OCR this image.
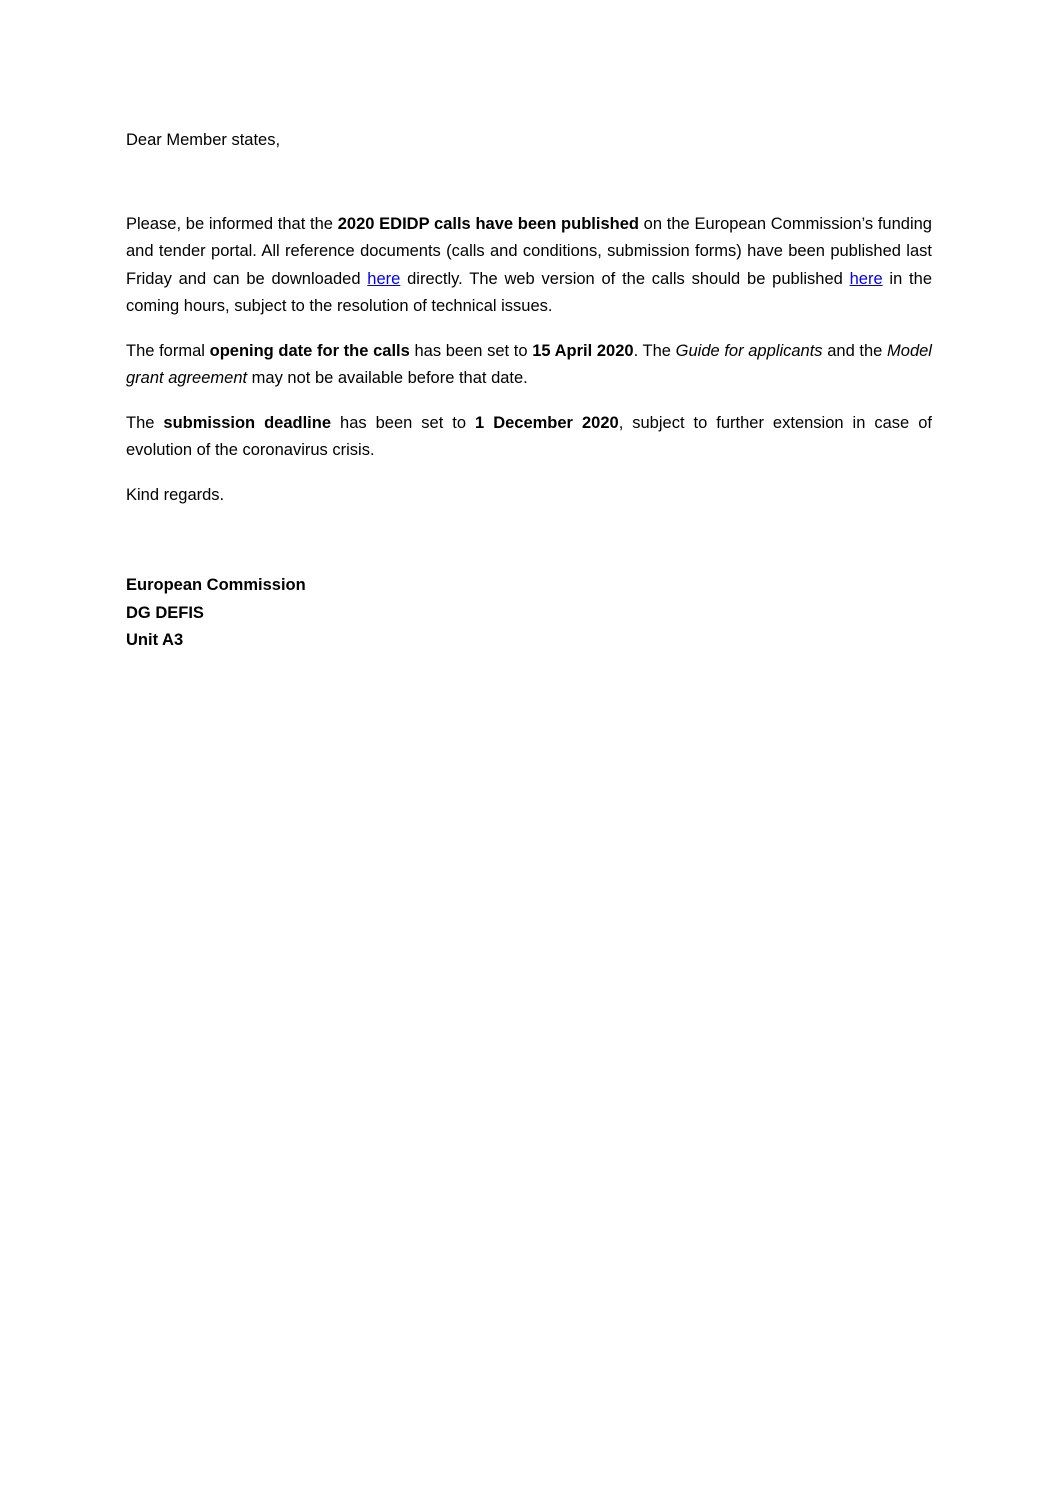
Dear Member states,

Please, be informed that the 2020 EDIDP calls have been published on the European Commission’s funding and tender portal. All reference documents (calls and conditions, submission forms) have been published last Friday and can be downloaded here directly. The web version of the calls should be published here in the coming hours, subject to the resolution of technical issues.

The formal opening date for the calls has been set to 15 April 2020. The Guide for applicants and the Model grant agreement may not be available before that date.

The submission deadline has been set to 1 December 2020, subject to further extension in case of evolution of the coronavirus crisis.

Kind regards.

European Commission
DG DEFIS
Unit A3
